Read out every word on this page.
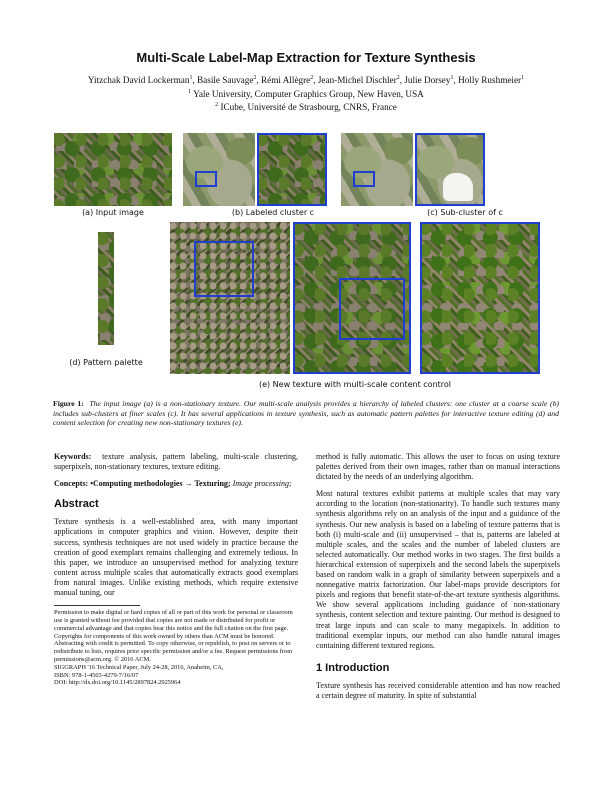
Multi-Scale Label-Map Extraction for Texture Synthesis
Yitzchak David Lockerman$^1$, Basile Sauvage$^2$, Rémi Allègre$^2$, Jean-Michel Dischler$^2$, Julie Dorsey$^1$, Holly Rushmeier$^1$
$^1$ Yale University, Computer Graphics Group, New Haven, USA
$^2$ ICube, Université de Strasbourg, CNRS, France
(a) Input image	(b) Labeled cluster c	(c) Sub-cluster of c
(d) Pattern palette
(e) New texture with multi-scale content control
Figure 1: The input image (a) is a non-stationary texture. Our multi-scale analysis provides a hierarchy of labeled clusters: one cluster at a coarse scale (b) includes sub-clusters at finer scales (c). It has several applications in texture synthesis, such as automatic pattern palettes for interactive texture editing (d) and content selection for creating new non-stationary textures (e).

Keywords: texture analysis, pattern labeling, multi-scale clustering, superpixels, non-stationary textures, texture editing.

Concepts: •Computing methodologies → Texturing; Image processing;

Abstract

Texture synthesis is a well-established area, with many important applications in computer graphics and vision. However, despite their success, synthesis techniques are not used widely in practice because the creation of good exemplars remains challenging and extremely tedious. In this paper, we introduce an unsupervised method for analyzing texture content across multiple scales that automatically extracts good exemplars from natural images. Unlike existing methods, which require extensive manual tuning, our

Permission to make digital or hard copies of all or part of this work for personal or classroom use is granted without fee provided that copies are not made or distributed for profit or commercial advantage and that copies bear this notice and the full citation on the first page. Copyrights for components of this work owned by others than ACM must be honored. Abstracting with credit is permitted. To copy otherwise, or republish, to post on servers or to redistribute to lists, requires prior specific permission and/or a fee. Request permissions from permissions@acm.org. © 2016 ACM.
SIGGRAPH '16 Technical Paper, July 24-28, 2016, Anaheim, CA,
ISBN: 978-1-4503-4279-7/16/07
DOI: http://dx.doi.org/10.1145/2897824.2925964

method is fully automatic. This allows the user to focus on using texture palettes derived from their own images, rather than on manual interactions dictated by the needs of an underlying algorithm.

Most natural textures exhibit patterns at multiple scales that may vary according to the location (non-stationarity). To handle such textures many synthesis algorithms rely on an analysis of the input and a guidance of the synthesis. Our new analysis is based on a labeling of texture patterns that is both (i) multi-scale and (ii) unsupervised – that is, patterns are labeled at multiple scales, and the scales and the number of labeled clusters are selected automatically. Our method works in two stages. The first builds a hierarchical extension of superpixels and the second labels the superpixels based on random walk in a graph of similarity between superpixels and a nonnegative matrix factorization. Our label-maps provide descriptors for pixels and regions that benefit state-of-the-art texture synthesis algorithms. We show several applications including guidance of non-stationary synthesis, content selection and texture painting. Our method is designed to treat large inputs and can scale to many megapixels. In addition to traditional exemplar inputs, our method can also handle natural images containing different textured regions.

1 Introduction

Texture synthesis has received considerable attention and has now reached a certain degree of maturity. In spite of substantial
